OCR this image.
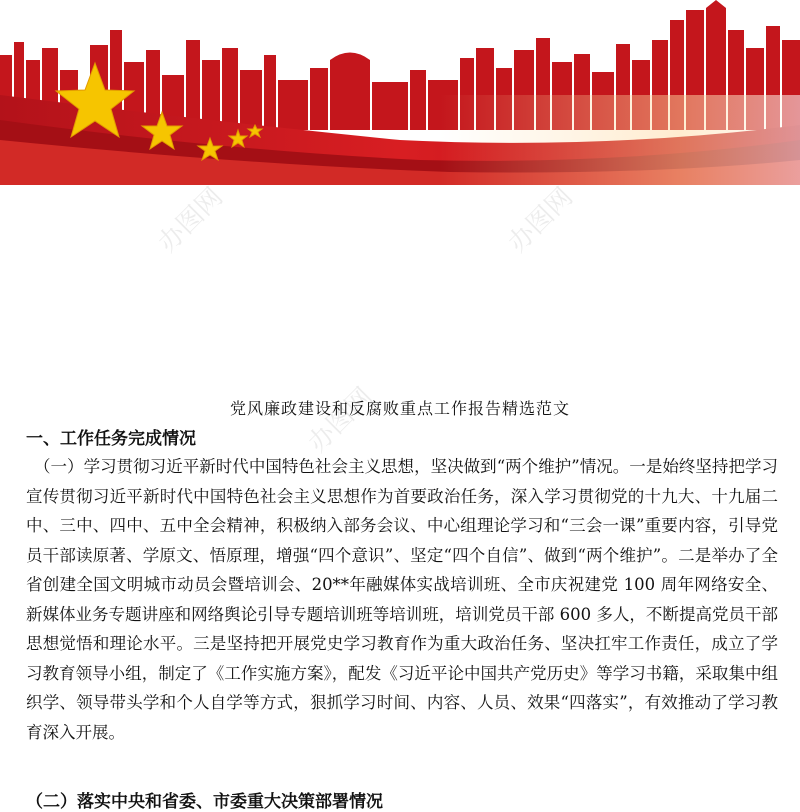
办图网	办图网
办图网
党风廉政建设和反腐败重点工作报告精选范文
一、工作任务完成情况

（一）学习贯彻习近平新时代中国特色社会主义思想，坚决做到“两个维护”情况。一是始终坚持把学习宣传贯彻习近平新时代中国特色社会主义思想作为首要政治任务，深入学习贯彻党的十九大、十九届二中、三中、四中、五中全会精神，积极纳入部务会议、中心组理论学习和“三会一课”重要内容，引导党员干部读原著、学原文、悟原理，增强“四个意识”、坚定“四个自信”、做到“两个维护”。二是举办了全省创建全国文明城市动员会暨培训会、20**年融媒体实战培训班、全市庆祝建党 100 周年网络安全、新媒体业务专题讲座和网络舆论引导专题培训班等培训班，培训党员干部 600 多人，不断提高党员干部思想觉悟和理论水平。三是坚持把开展党史学习教育作为重大政治任务、坚决扛牢工作责任，成立了学习教育领导小组，制定了《工作实施方案》，配发《习近平论中国共产党历史》等学习书籍，采取集中组织学、领导带头学和个人自学等方式，狠抓学习时间、内容、人员、效果“四落实”，有效推动了学习教育深入开展。

（二）落实中央和省委、市委重大决策部署情况
